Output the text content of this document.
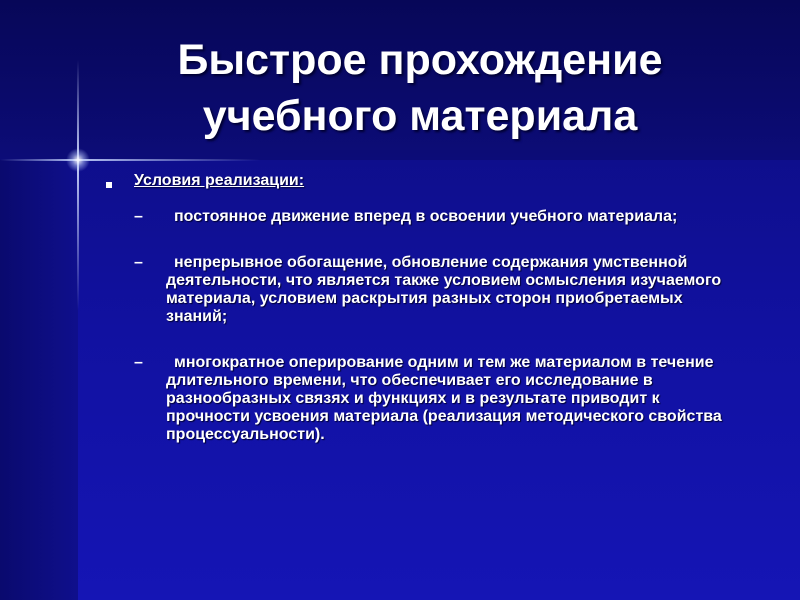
Быстрое прохождение учебного материала
Условия реализации:
–	постоянное движение вперед в освоении учебного материала;
–	непрерывное обогащение, обновление содержания умственной деятельности, что является также условием осмысления изучаемого материала, условием раскрытия разных сторон приобретаемых знаний;
–	многократное оперирование одним и тем же материалом в течение длительного времени, что обеспечивает его исследование в разнообразных связях и функциях и в результате приводит к прочности усвоения материала (реализация методического свойства процессуальности).
